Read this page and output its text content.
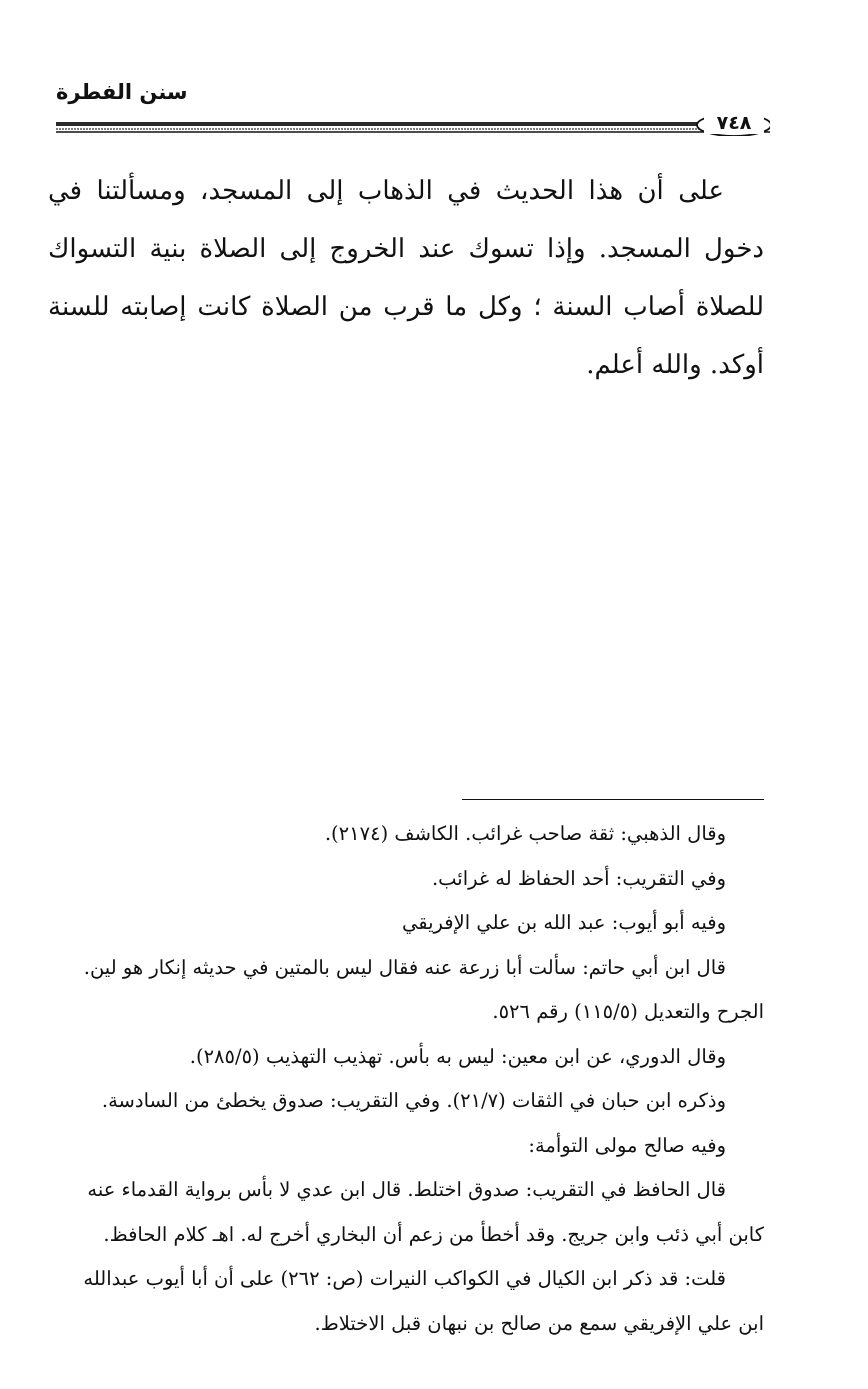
سنن الفطرة
٧٤٨

على أن هذا الحديث في الذهاب إلى المسجد، ومسألتنا في دخول المسجد. وإذا تسوك عند الخروج إلى الصلاة بنية التسواك للصلاة أصاب السنة ؛ وكل ما قرب من الصلاة كانت إصابته للسنة أوكد. والله أعلم.

وقال الذهبي: ثقة صاحب غرائب. الكاشف (٢١٧٤).
وفي التقريب: أحد الحفاظ له غرائب.
وفيه أبو أيوب: عبد الله بن علي الإفريقي
قال ابن أبي حاتم: سألت أبا زرعة عنه فقال ليس بالمتين في حديثه إنكار هو لين.
الجرح والتعديل (١١٥/٥) رقم ٥٢٦.
وقال الدوري، عن ابن معين: ليس به بأس. تهذيب التهذيب (٢٨٥/٥).
وذكره ابن حبان في الثقات (٢١/٧). وفي التقريب: صدوق يخطئ من السادسة.
وفيه صالح مولى التوأمة:
قال الحافظ في التقريب: صدوق اختلط. قال ابن عدي لا بأس برواية القدماء عنه
كابن أبي ذئب وابن جريج. وقد أخطأ من زعم أن البخاري أخرج له. اهـ كلام الحافظ.
قلت: قد ذكر ابن الكيال في الكواكب النيرات (ص: ٢٦٢) على أن أبا أيوب عبدالله
ابن علي الإفريقي سمع من صالح بن نبهان قبل الاختلاط.
